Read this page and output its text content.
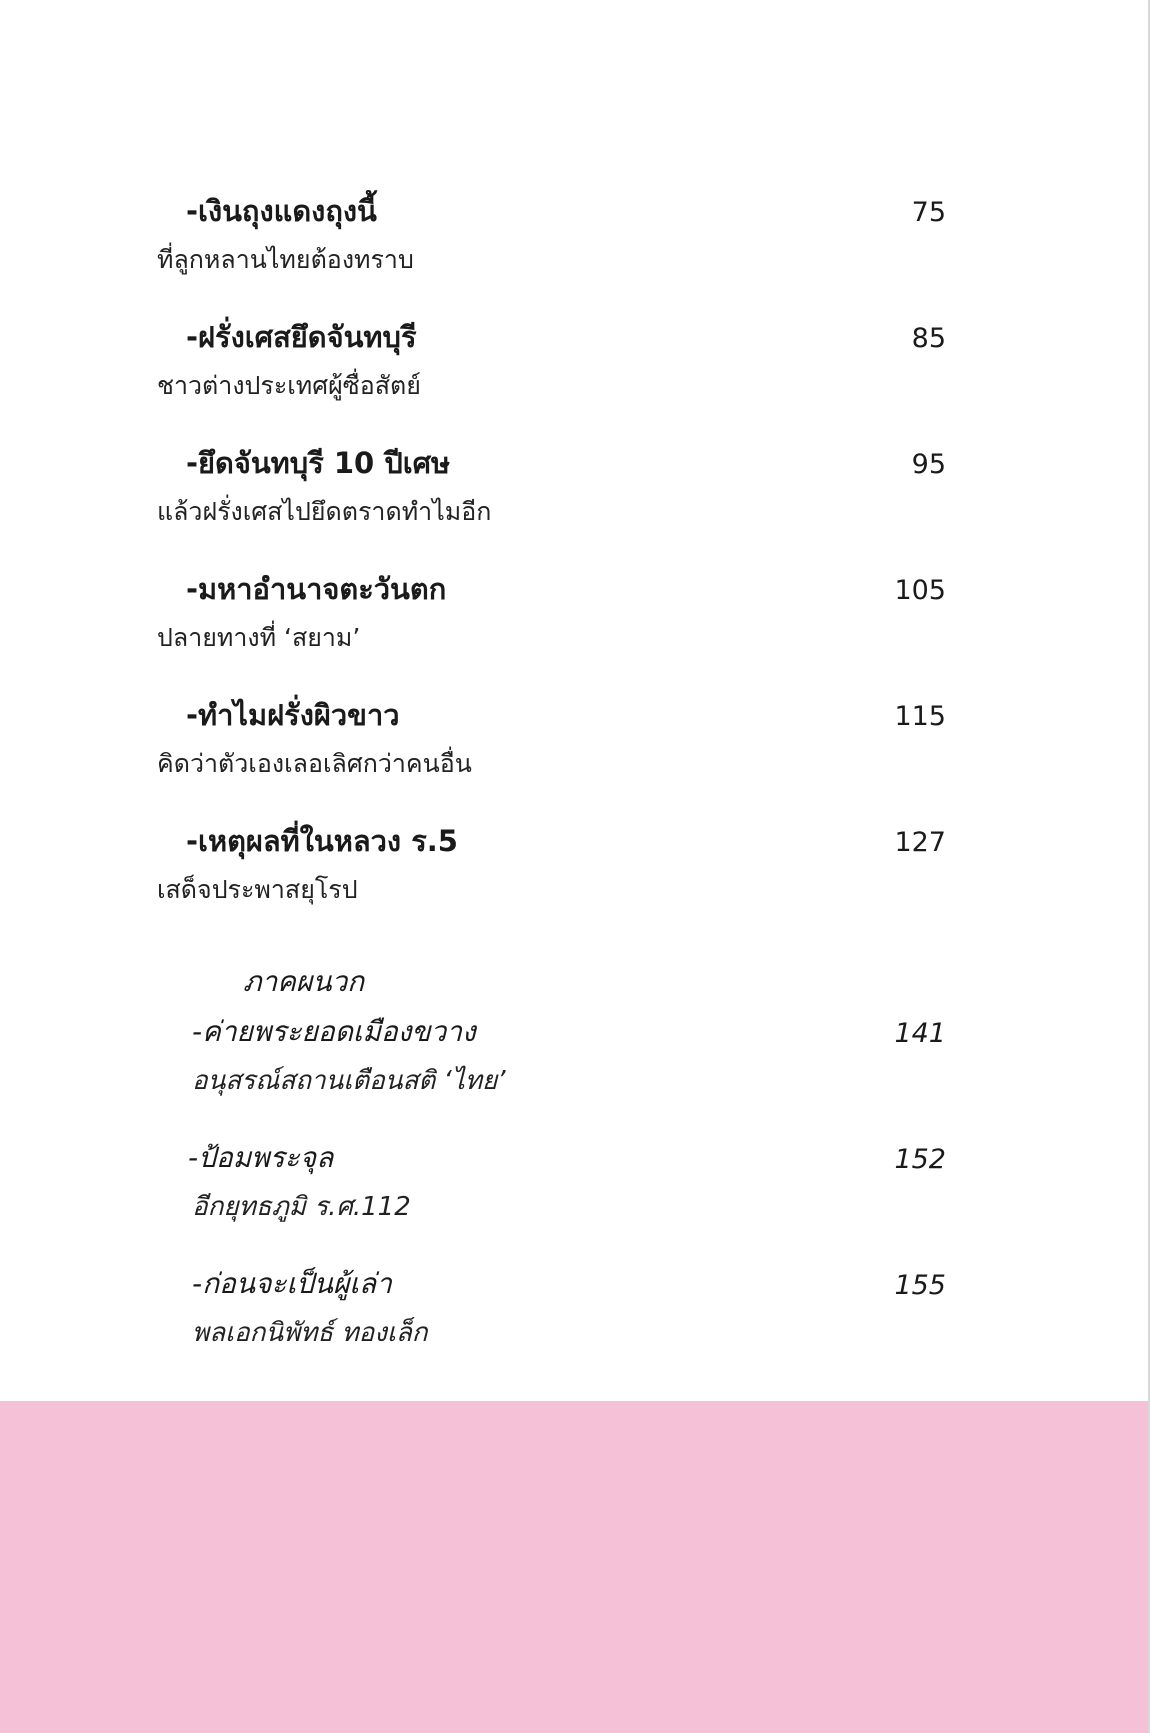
-เงินถุงแดงถุงนี้
ที่ลูกหลานไทยต้องทราบ
75
-ฝรั่งเศสยึดจันทบุรี
ชาวต่างประเทศผู้ซื่อสัตย์
85
-ยึดจันทบุรี 10 ปีเศษ
แล้วฝรั่งเศสไปยึดตราดทำไมอีก
95
-มหาอำนาจตะวันตก
ปลายทางที่ ‘สยาม’
105
-ทำไมฝรั่งผิวขาว
คิดว่าตัวเองเลอเลิศกว่าคนอื่น
115
-เหตุผลที่ในหลวง ร.5
เสด็จประพาสยุโรป
127
ภาคผนวก
-ค่ายพระยอดเมืองขวาง
อนุสรณ์สถานเตือนสติ ‘ไทย’
141
-ป้อมพระจุล
อีกยุทธภูมิ ร.ศ.112
152
-ก่อนจะเป็นผู้เล่า
พลเอกนิพัทธ์ ทองเล็ก
155
